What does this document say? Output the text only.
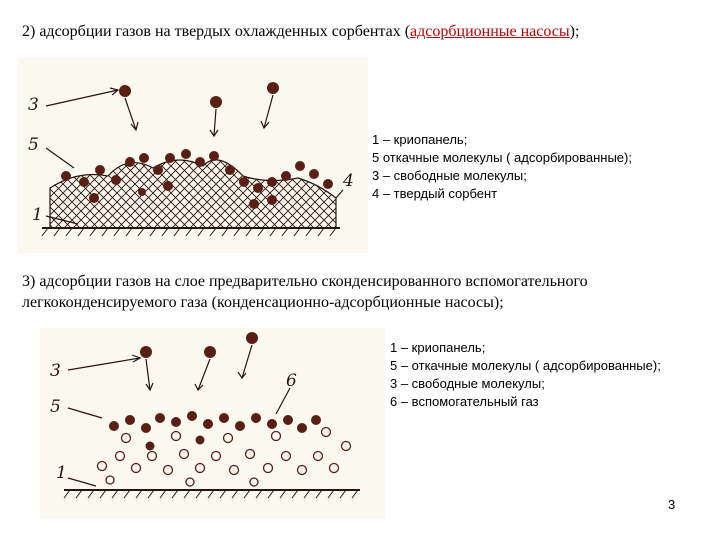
2) адсорбции газов на твердых охлажденных сорбентах (адсорбционные насосы);
3
5
1
4
1 – криопанель;
5 откачные молекулы ( адсорбированные);
3 – свободные молекулы;
4 – твердый сорбент
3) адсорбции газов на слое предварительно сконденсированного вспомогательного
легкоконденсируемого газа (конденсационно-адсорбционные насосы);
3
5
1
6
1 – криопанель;
5 – откачные молекулы ( адсорбированные);
3 – свободные молекулы;
6 – вспомогательный газ
3
